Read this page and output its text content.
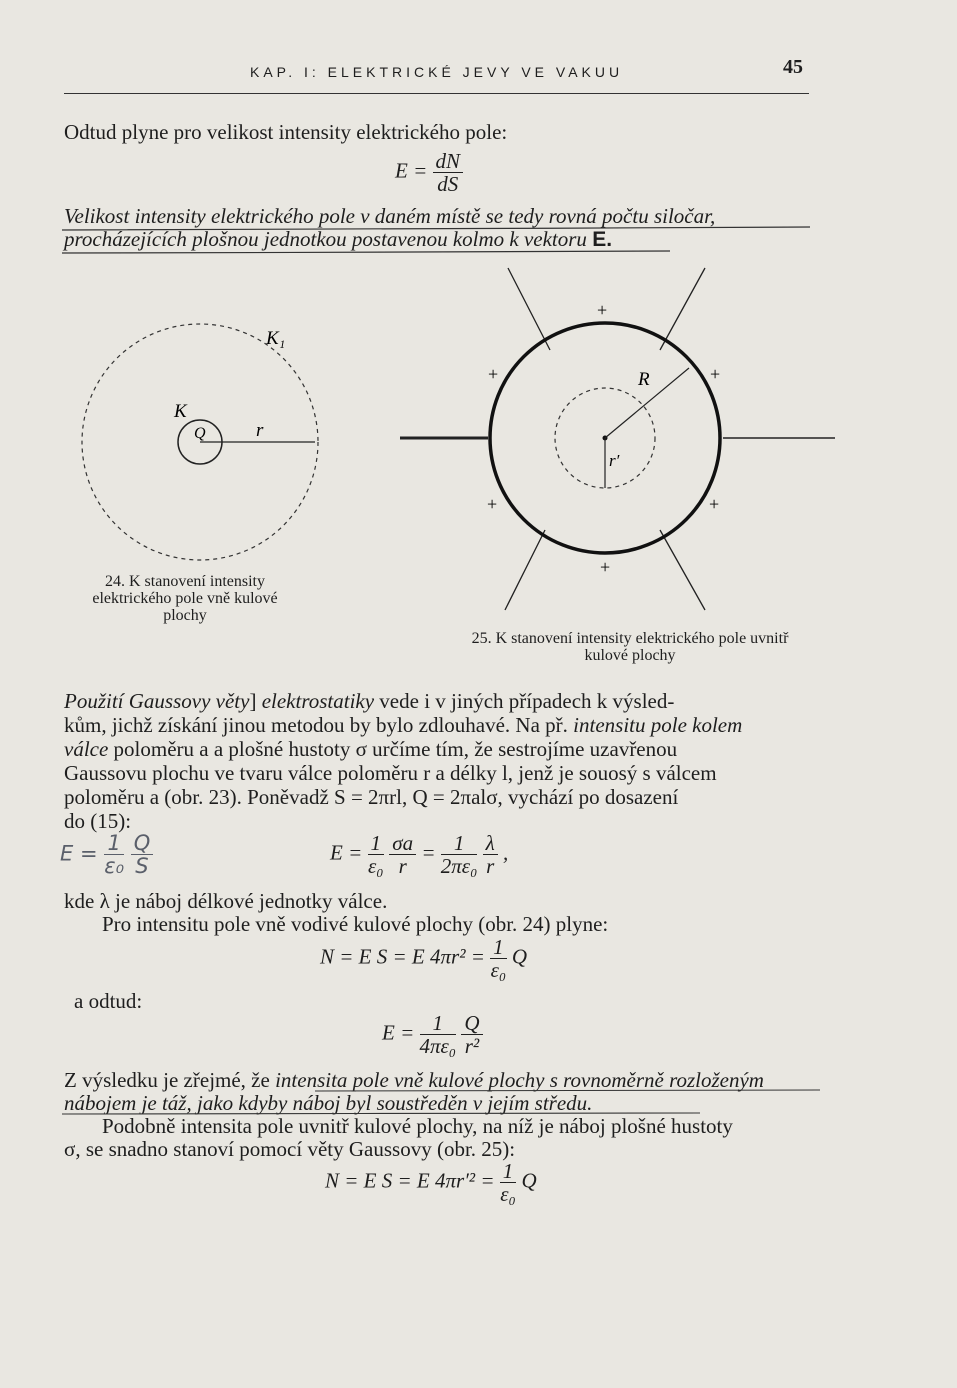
KAP. I: ELEKTRICKÉ JEVY VE VAKUU	45
Odtud plyne pro velikost intensity elektrického pole:
$E = \frac{dN}{dS}$
Velikost intensity elektrického pole v daném místě se tedy rovná počtu siločar,
procházejících plošnou jednotkou postavenou kolmo k vektoru E.
K₁
K
Q	r
24. K stanovení intensity
elektrického pole vně kulové
plochy
R
r′
+
+	+
+	+
+
25. K stanovení intensity elektrického pole uvnitř
kulové plochy
Použití Gaussovy věty] elektrostatiky vede i v jiných případech k výsled-
kům, jichž získání jinou metodou by bylo zdlouhavé. Na př. intensitu pole kolem
válce poloměru a a plošné hustoty σ určíme tím, že sestrojíme uzavřenou
Gaussovu plochu ve tvaru válce poloměru r a délky l, jenž je souosý s válcem
poloměru a (obr. 23). Poněvadž S = 2πrl, Q = 2πalσ, vychází po dosazení
do (15):
$E = \frac{1}{\text{ε₀}}$
$\frac{Q}{S}$	$E = \frac{1}{\text{ε₀}}$
$\frac{\sigma a}{r} = \frac{1}{\text{2πε₀}}$
$\frac{\lambda}{r}$ ,
kde λ je náboj délkové jednotky válce.
Pro intensitu pole vně vodivé kulové plochy (obr. 24) plyne:
N = E S = E $4\pi r^2 = \frac{1}{\text{ε₀}}$ Q
a odtud:
$E = \frac{1}{\text{4πε₀}}$
$\frac{Q}{\text{r²}}$
Z výsledku je zřejmé, že intensita pole vně kulové plochy s rovnoměrně rozloženým
nábojem je táž, jako kdyby náboj byl soustředěn v jejím středu.
Podobně intensita pole uvnitř kulové plochy, na níž je náboj plošné hustoty
σ, se snadno stanoví pomocí věty Gaussovy (obr. 25):
N = E S = E $4\pi r'^2 = \frac{1}{\text{ε₀}}$ Q
